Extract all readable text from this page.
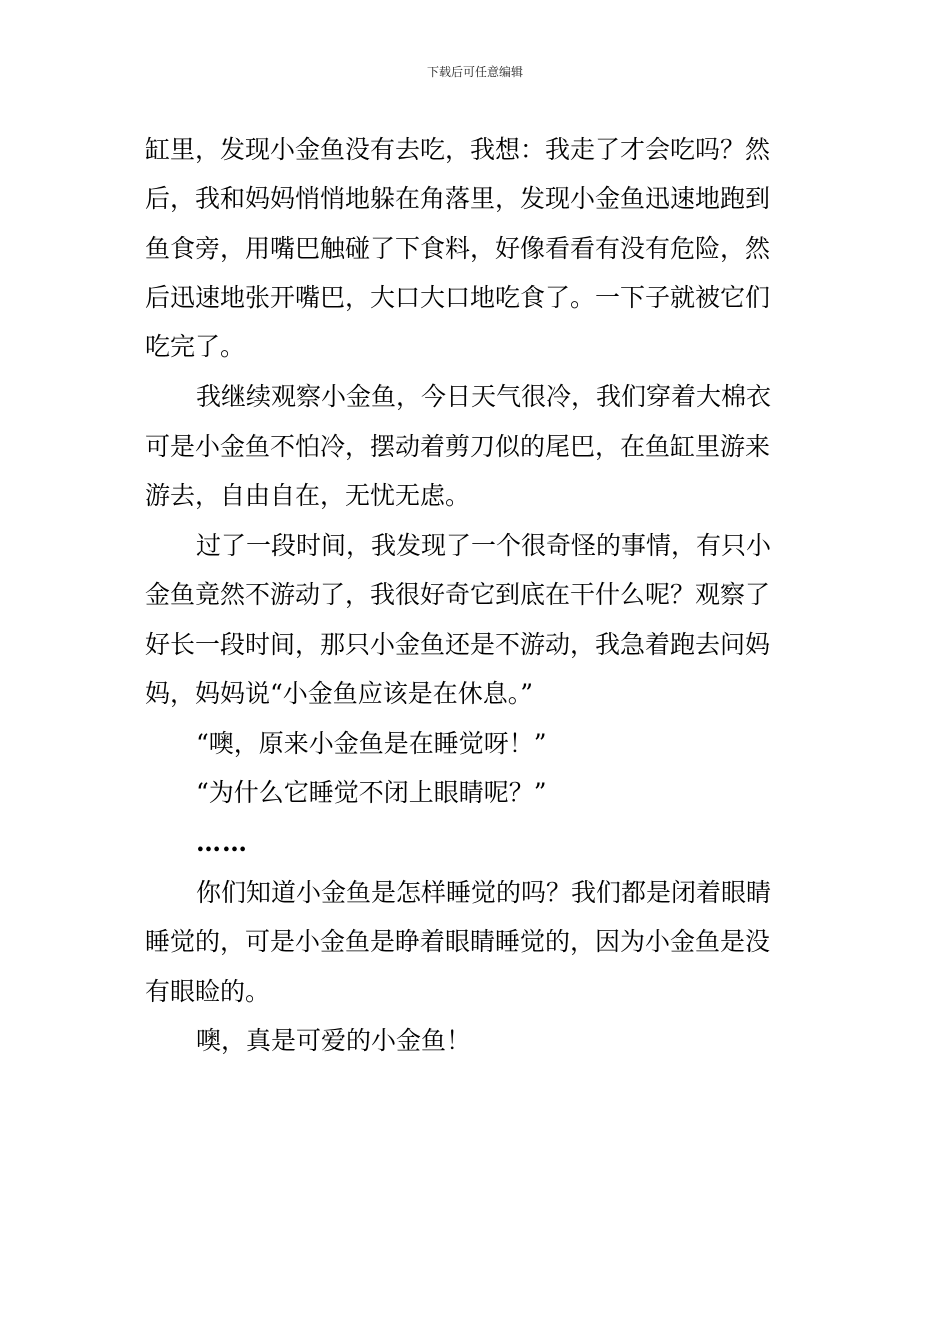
下载后可任意编辑
缸里，发现小金鱼没有去吃，我想：我走了才会吃吗？然
后，我和妈妈悄悄地躲在角落里，发现小金鱼迅速地跑到
鱼食旁，用嘴巴触碰了下食料，好像看看有没有危险，然
后迅速地张开嘴巴，大口大口地吃食了。一下子就被它们
吃完了。
我继续观察小金鱼，今日天气很冷，我们穿着大棉衣
可是小金鱼不怕冷，摆动着剪刀似的尾巴，在鱼缸里游来
游去，自由自在，无忧无虑。
过了一段时间，我发现了一个很奇怪的事情，有只小
金鱼竟然不游动了，我很好奇它到底在干什么呢？观察了
好长一段时间，那只小金鱼还是不游动，我急着跑去问妈
妈，妈妈说“小金鱼应该是在休息。”
“噢，原来小金鱼是在睡觉呀！”
“为什么它睡觉不闭上眼睛呢？”
……
你们知道小金鱼是怎样睡觉的吗？我们都是闭着眼睛
睡觉的，可是小金鱼是睁着眼睛睡觉的，因为小金鱼是没
有眼睑的。
噢，真是可爱的小金鱼！
